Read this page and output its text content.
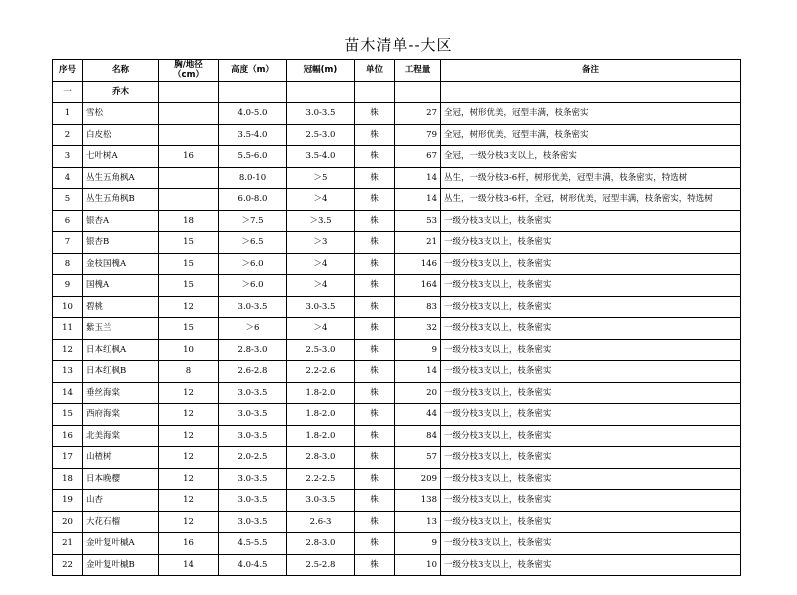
苗木清单--大区
序号	名称	胸/地径（cm）	高度（m）	冠幅(m)	单位	工程量	备注
一	乔木						
1	雪松		4.0-5.0	3.0-3.5	株	27	全冠，树形优美，冠型丰满，枝条密实
2	白皮松		3.5-4.0	2.5-3.0	株	79	全冠，树形优美，冠型丰满，枝条密实
3	七叶树A	16	5.5-6.0	3.5-4.0	株	67	全冠，一级分枝3支以上，枝条密实
4	丛生五角枫A		8.0-10	＞5	株	14	丛生，一级分枝3-6杆，树形优美，冠型丰满，枝条密实，特选树
5	丛生五角枫B		6.0-8.0	＞4	株	14	丛生，一级分枝3-6杆，全冠，树形优美，冠型丰满，枝条密实，特选树
6	银杏A	18	＞7.5	＞3.5	株	53	一级分枝3支以上，枝条密实
7	银杏B	15	＞6.5	＞3	株	21	一级分枝3支以上，枝条密实
8	金枝国槐A	15	＞6.0	＞4	株	146	一级分枝3支以上，枝条密实
9	国槐A	15	＞6.0	＞4	株	164	一级分枝3支以上，枝条密实
10	碧桃	12	3.0-3.5	3.0-3.5	株	83	一级分枝3支以上，枝条密实
11	紫玉兰	15	＞6	＞4	株	32	一级分枝3支以上，枝条密实
12	日本红枫A	10	2.8-3.0	2.5-3.0	株	9	一级分枝3支以上，枝条密实
13	日本红枫B	8	2.6-2.8	2.2-2.6	株	14	一级分枝3支以上，枝条密实
14	垂丝海棠	12	3.0-3.5	1.8-2.0	株	20	一级分枝3支以上，枝条密实
15	西府海棠	12	3.0-3.5	1.8-2.0	株	44	一级分枝3支以上，枝条密实
16	北美海棠	12	3.0-3.5	1.8-2.0	株	84	一级分枝3支以上，枝条密实
17	山楂树	12	2.0-2.5	2.8-3.0	株	57	一级分枝3支以上，枝条密实
18	日本晚樱	12	3.0-3.5	2.2-2.5	株	209	一级分枝3支以上，枝条密实
19	山杏	12	3.0-3.5	3.0-3.5	株	138	一级分枝3支以上，枝条密实
20	大花石榴	12	3.0-3.5	2.6-3	株	13	一级分枝3支以上，枝条密实
21	金叶复叶槭A	16	4.5-5.5	2.8-3.0	株	9	一级分枝3支以上，枝条密实
22	金叶复叶槭B	14	4.0-4.5	2.5-2.8	株	10	一级分枝3支以上，枝条密实
